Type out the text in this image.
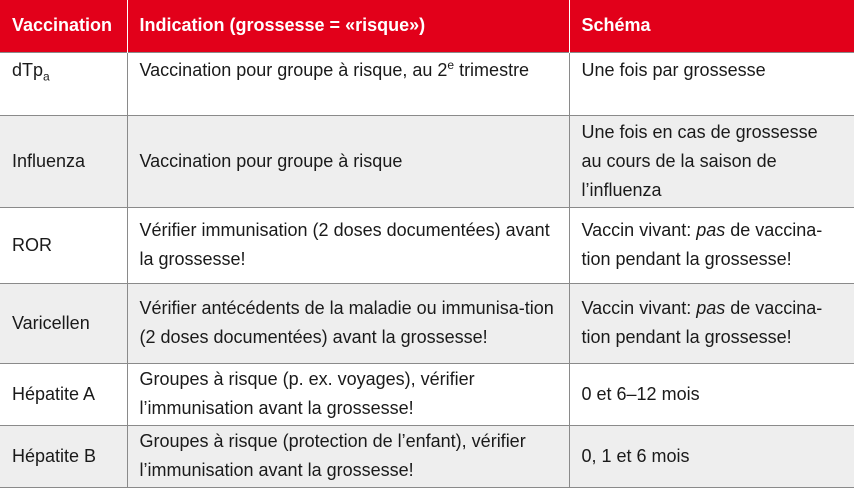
Vaccination	Indication (grossesse = «risque»)	Schéma
dTp$_a$	Vaccination pour groupe à risque, au 2e trimestre	Une fois par grossesse
Influenza	Vaccination pour groupe à risque	Une fois en cas de grossesse au cours de la saison de l’influenza
ROR	Vérifier immunisation (2 doses documentées) avant la grossesse!	Vaccin vivant: pas de vaccina-tion pendant la grossesse!
Varicellen	Vérifier antécédents de la maladie ou immunisa-tion (2 doses documentées) avant la grossesse!	Vaccin vivant: pas de vaccina-tion pendant la grossesse!
Hépatite A	Groupes à risque (p. ex. voyages), vérifier l’immunisation avant la grossesse!	0 et 6–12 mois
Hépatite B	Groupes à risque (protection de l’enfant), vérifier l’immunisation avant la grossesse!	0, 1 et 6 mois
